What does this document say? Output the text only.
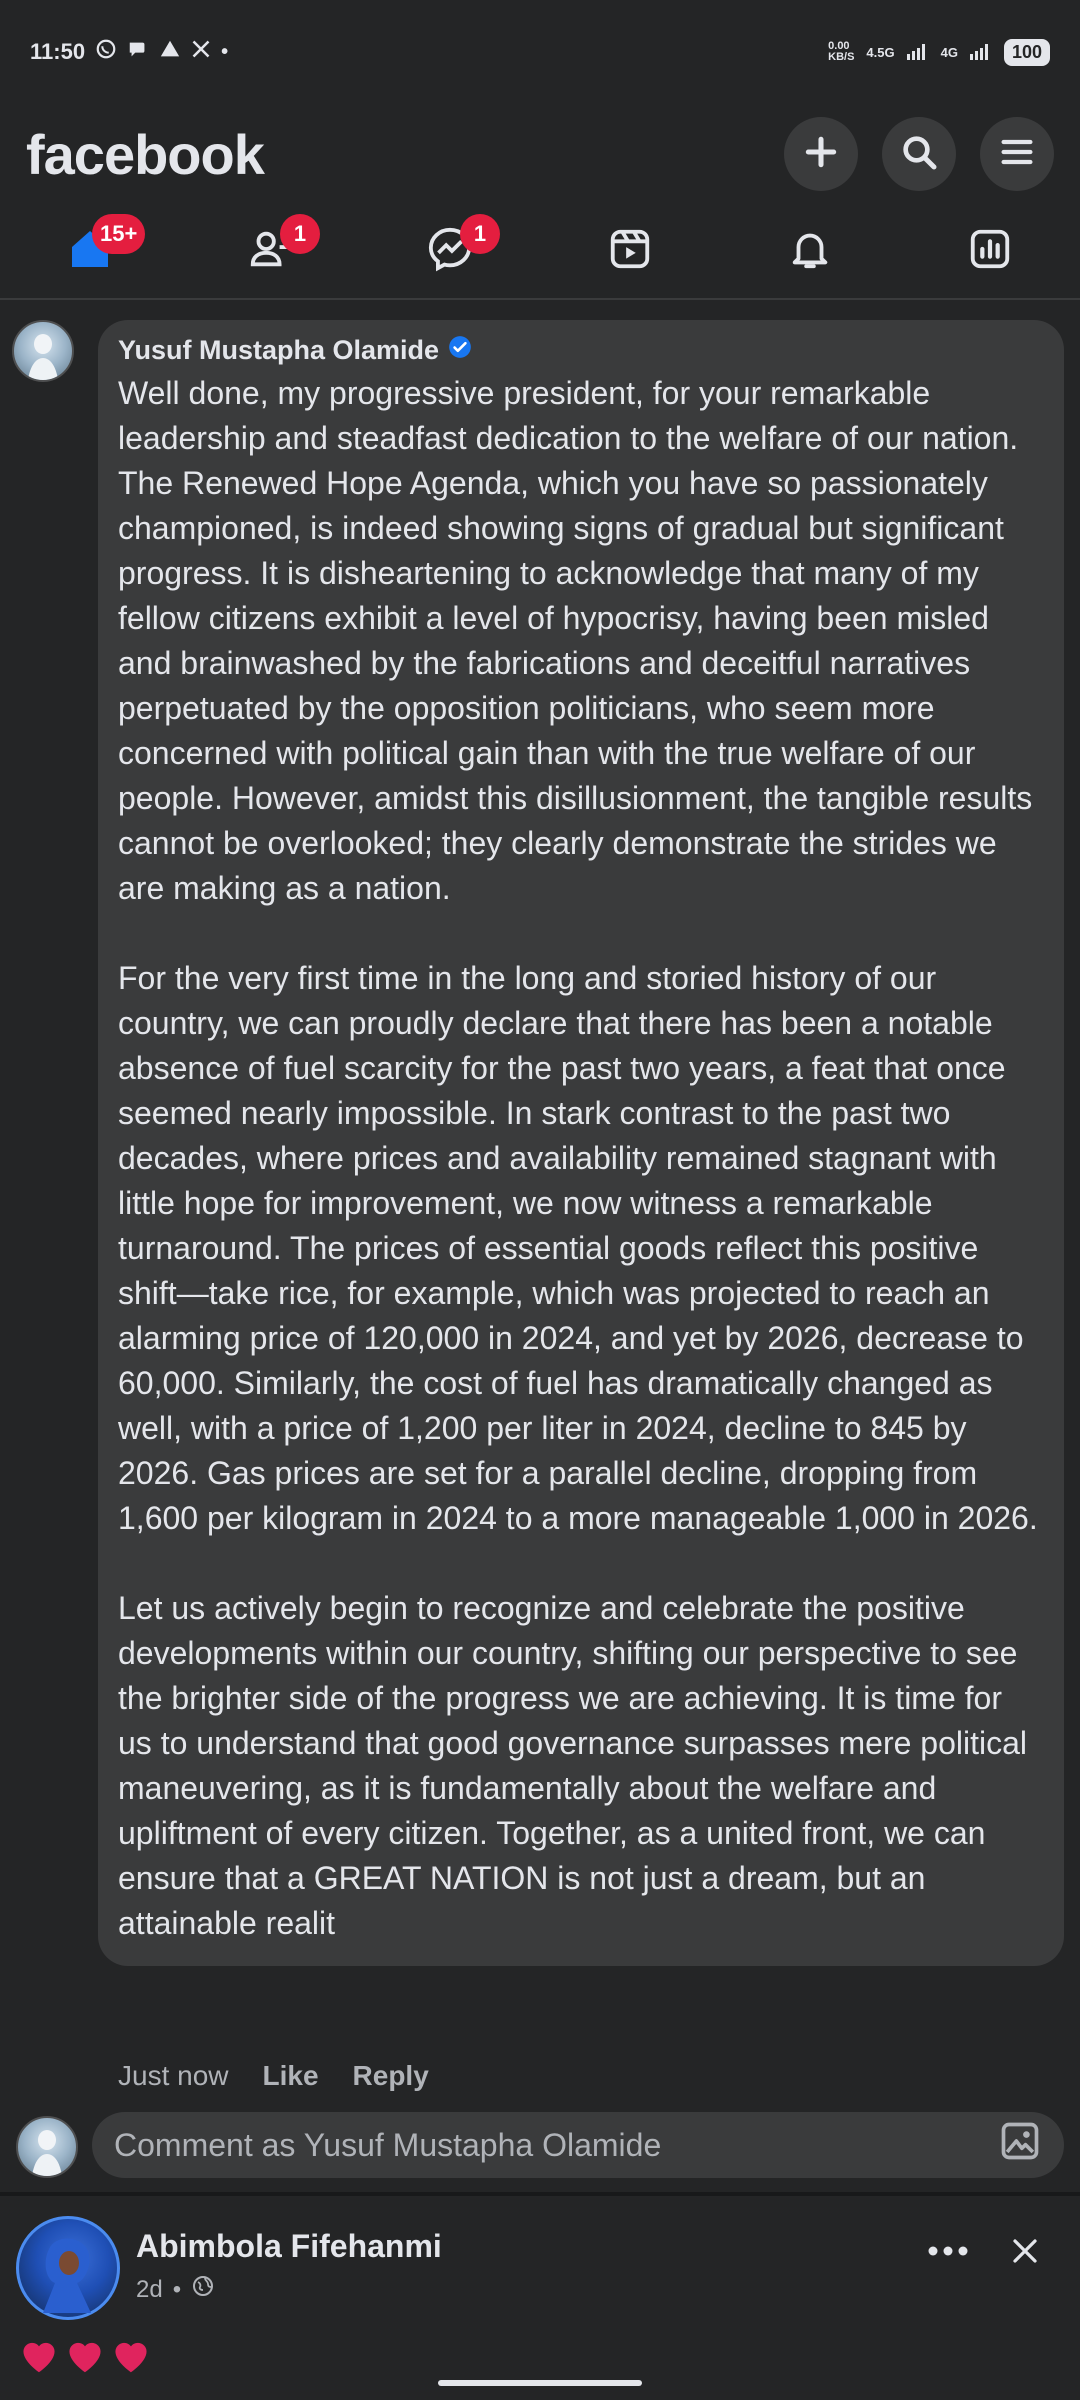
11:50	•	0.00
KB/S 4.5G	4G	100
facebook
15+	1	1
Yusuf Mustapha Olamide
Well done, my progressive president, for your remarkable leadership and steadfast dedication to the welfare of our nation. The Renewed Hope Agenda, which you have so passionately championed, is indeed showing signs of gradual but significant progress. It is disheartening to acknowledge that many of my fellow citizens exhibit a level of hypocrisy, having been misled and brainwashed by the fabrications and deceitful narratives perpetuated by the opposition politicians, who seem more concerned with political gain than with the true welfare of our people. However, amidst this disillusionment, the tangible results cannot be overlooked; they clearly demonstrate the strides we are making as a nation.

For the very first time in the long and storied history of our country, we can proudly declare that there has been a notable absence of fuel scarcity for the past two years, a feat that once seemed nearly impossible. In stark contrast to the past two decades, where prices and availability remained stagnant with little hope for improvement, we now witness a remarkable turnaround. The prices of essential goods reflect this positive shift—take rice, for example, which was projected to reach an alarming price of 120,000 in 2024, and yet by 2026, decrease to 60,000. Similarly, the cost of fuel has dramatically changed as well, with a price of 1,200 per liter in 2024, decline to 845 by 2026. Gas prices are set for a parallel decline, dropping from 1,600 per kilogram in 2024 to a more manageable 1,000 in 2026.

Let us actively begin to recognize and celebrate the positive developments within our country, shifting our perspective to see the brighter side of the progress we are achieving. It is time for us to understand that good governance surpasses mere political maneuvering, as it is fundamentally about the welfare and upliftment of every citizen. Together, as a united front, we can ensure that a GREAT NATION is not just a dream, but an attainable realit
Just now Like Reply
Comment as Yusuf Mustapha Olamide
Abimbola Fifehanmi
2d •
